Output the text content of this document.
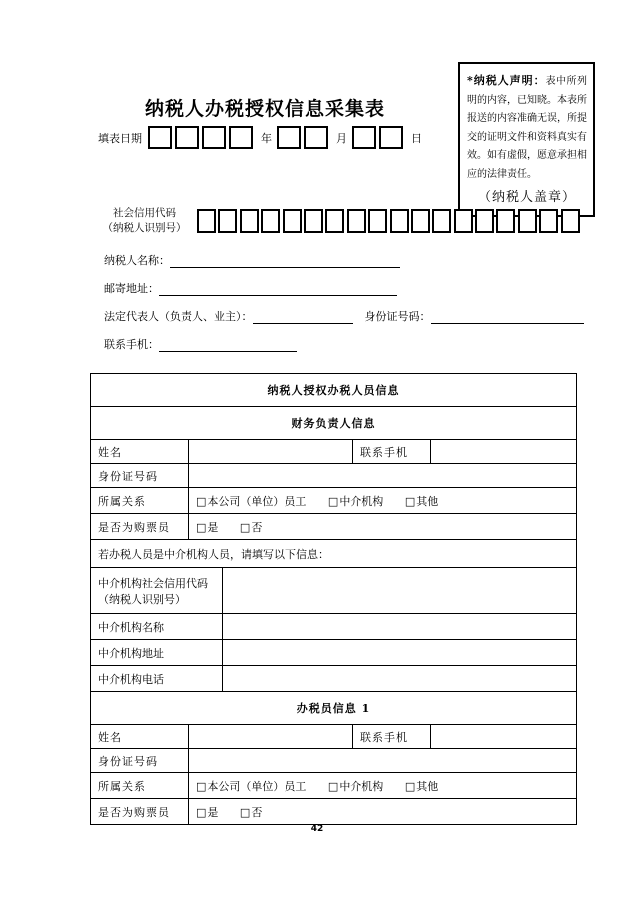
*纳税人声明：表中所列明的内容，已知晓。本表所报送的内容准确无误，所提交的证明文件和资料真实有效。如有虚假，愿意承担相应的法律责任。
（纳税人盖章）
纳税人办税授权信息采集表
填表日期	年	月	日
社会信用代码
（纳税人识别号）
纳税人名称：
邮寄地址：
法定代表人（负责人、业主）：	身份证号码：
联系手机：
纳税人授权办税人员信息			
财务负责人信息			
姓名		联系手机	
身份证号码			
所属关系	□本公司（单位）员工 □中介机构 □其他		
是否为购票员	□是 □否		
若办税人员是中介机构人员，请填写以下信息：			
中介机构社会信用代码（纳税人识别号）	
中介机构名称	
中介机构地址	
中介机构电话	
办税员信息 1			
姓名		联系手机	
身份证号码			
所属关系	□本公司（单位）员工 □中介机构 □其他		
是否为购票员	□是 □否		
42
